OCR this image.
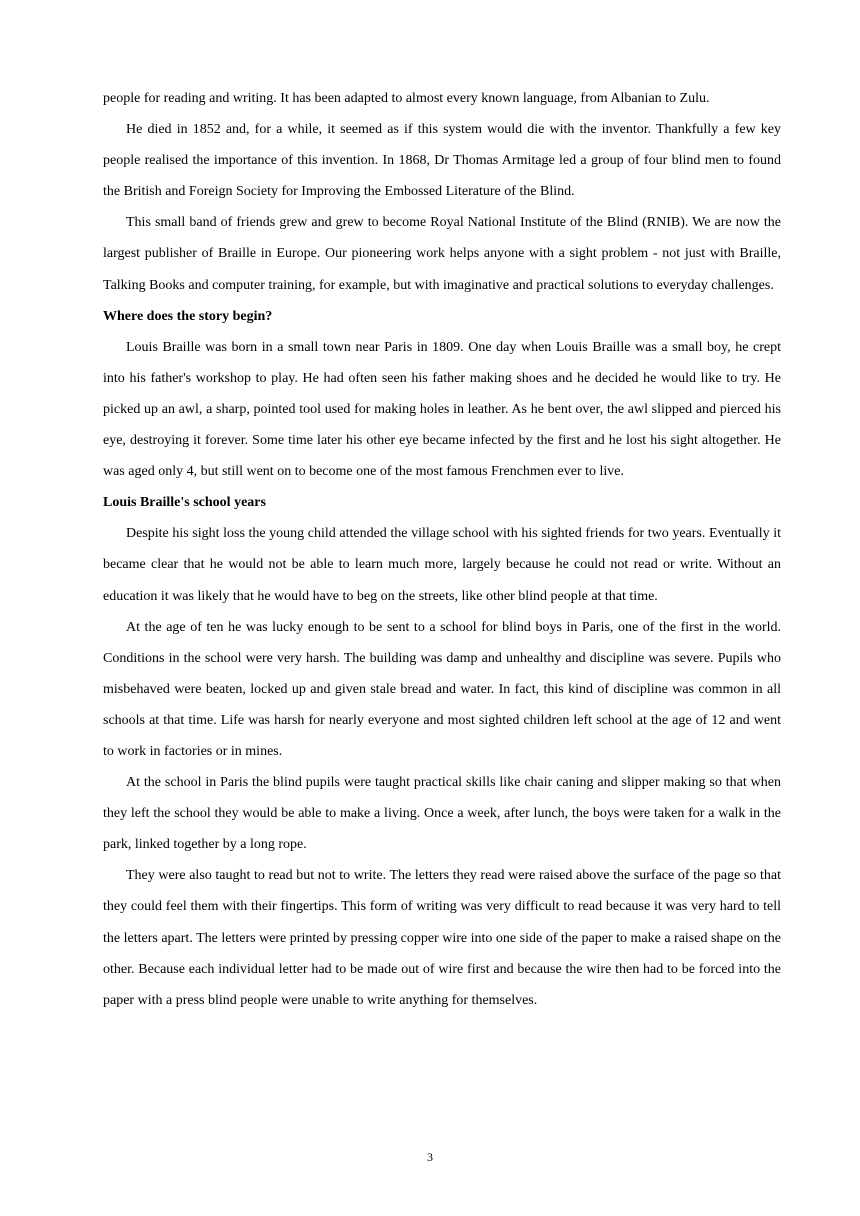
people for reading and writing. It has been adapted to almost every known language, from Albanian to Zulu.

He died in 1852 and, for a while, it seemed as if this system would die with the inventor. Thankfully a few key people realised the importance of this invention. In 1868, Dr Thomas Armitage led a group of four blind men to found the British and Foreign Society for Improving the Embossed Literature of the Blind.

This small band of friends grew and grew to become Royal National Institute of the Blind (RNIB). We are now the largest publisher of Braille in Europe. Our pioneering work helps anyone with a sight problem - not just with Braille, Talking Books and computer training, for example, but with imaginative and practical solutions to everyday challenges.

Where does the story begin?

Louis Braille was born in a small town near Paris in 1809. One day when Louis Braille was a small boy, he crept into his father's workshop to play. He had often seen his father making shoes and he decided he would like to try. He picked up an awl, a sharp, pointed tool used for making holes in leather. As he bent over, the awl slipped and pierced his eye, destroying it forever. Some time later his other eye became infected by the first and he lost his sight altogether. He was aged only 4, but still went on to become one of the most famous Frenchmen ever to live.

Louis Braille's school years

Despite his sight loss the young child attended the village school with his sighted friends for two years. Eventually it became clear that he would not be able to learn much more, largely because he could not read or write. Without an education it was likely that he would have to beg on the streets, like other blind people at that time.

At the age of ten he was lucky enough to be sent to a school for blind boys in Paris, one of the first in the world. Conditions in the school were very harsh. The building was damp and unhealthy and discipline was severe. Pupils who misbehaved were beaten, locked up and given stale bread and water. In fact, this kind of discipline was common in all schools at that time. Life was harsh for nearly everyone and most sighted children left school at the age of 12 and went to work in factories or in mines.

At the school in Paris the blind pupils were taught practical skills like chair caning and slipper making so that when they left the school they would be able to make a living. Once a week, after lunch, the boys were taken for a walk in the park, linked together by a long rope.

They were also taught to read but not to write. The letters they read were raised above the surface of the page so that they could feel them with their fingertips. This form of writing was very difficult to read because it was very hard to tell the letters apart. The letters were printed by pressing copper wire into one side of the paper to make a raised shape on the other. Because each individual letter had to be made out of wire first and because the wire then had to be forced into the paper with a press blind people were unable to write anything for themselves.

3
